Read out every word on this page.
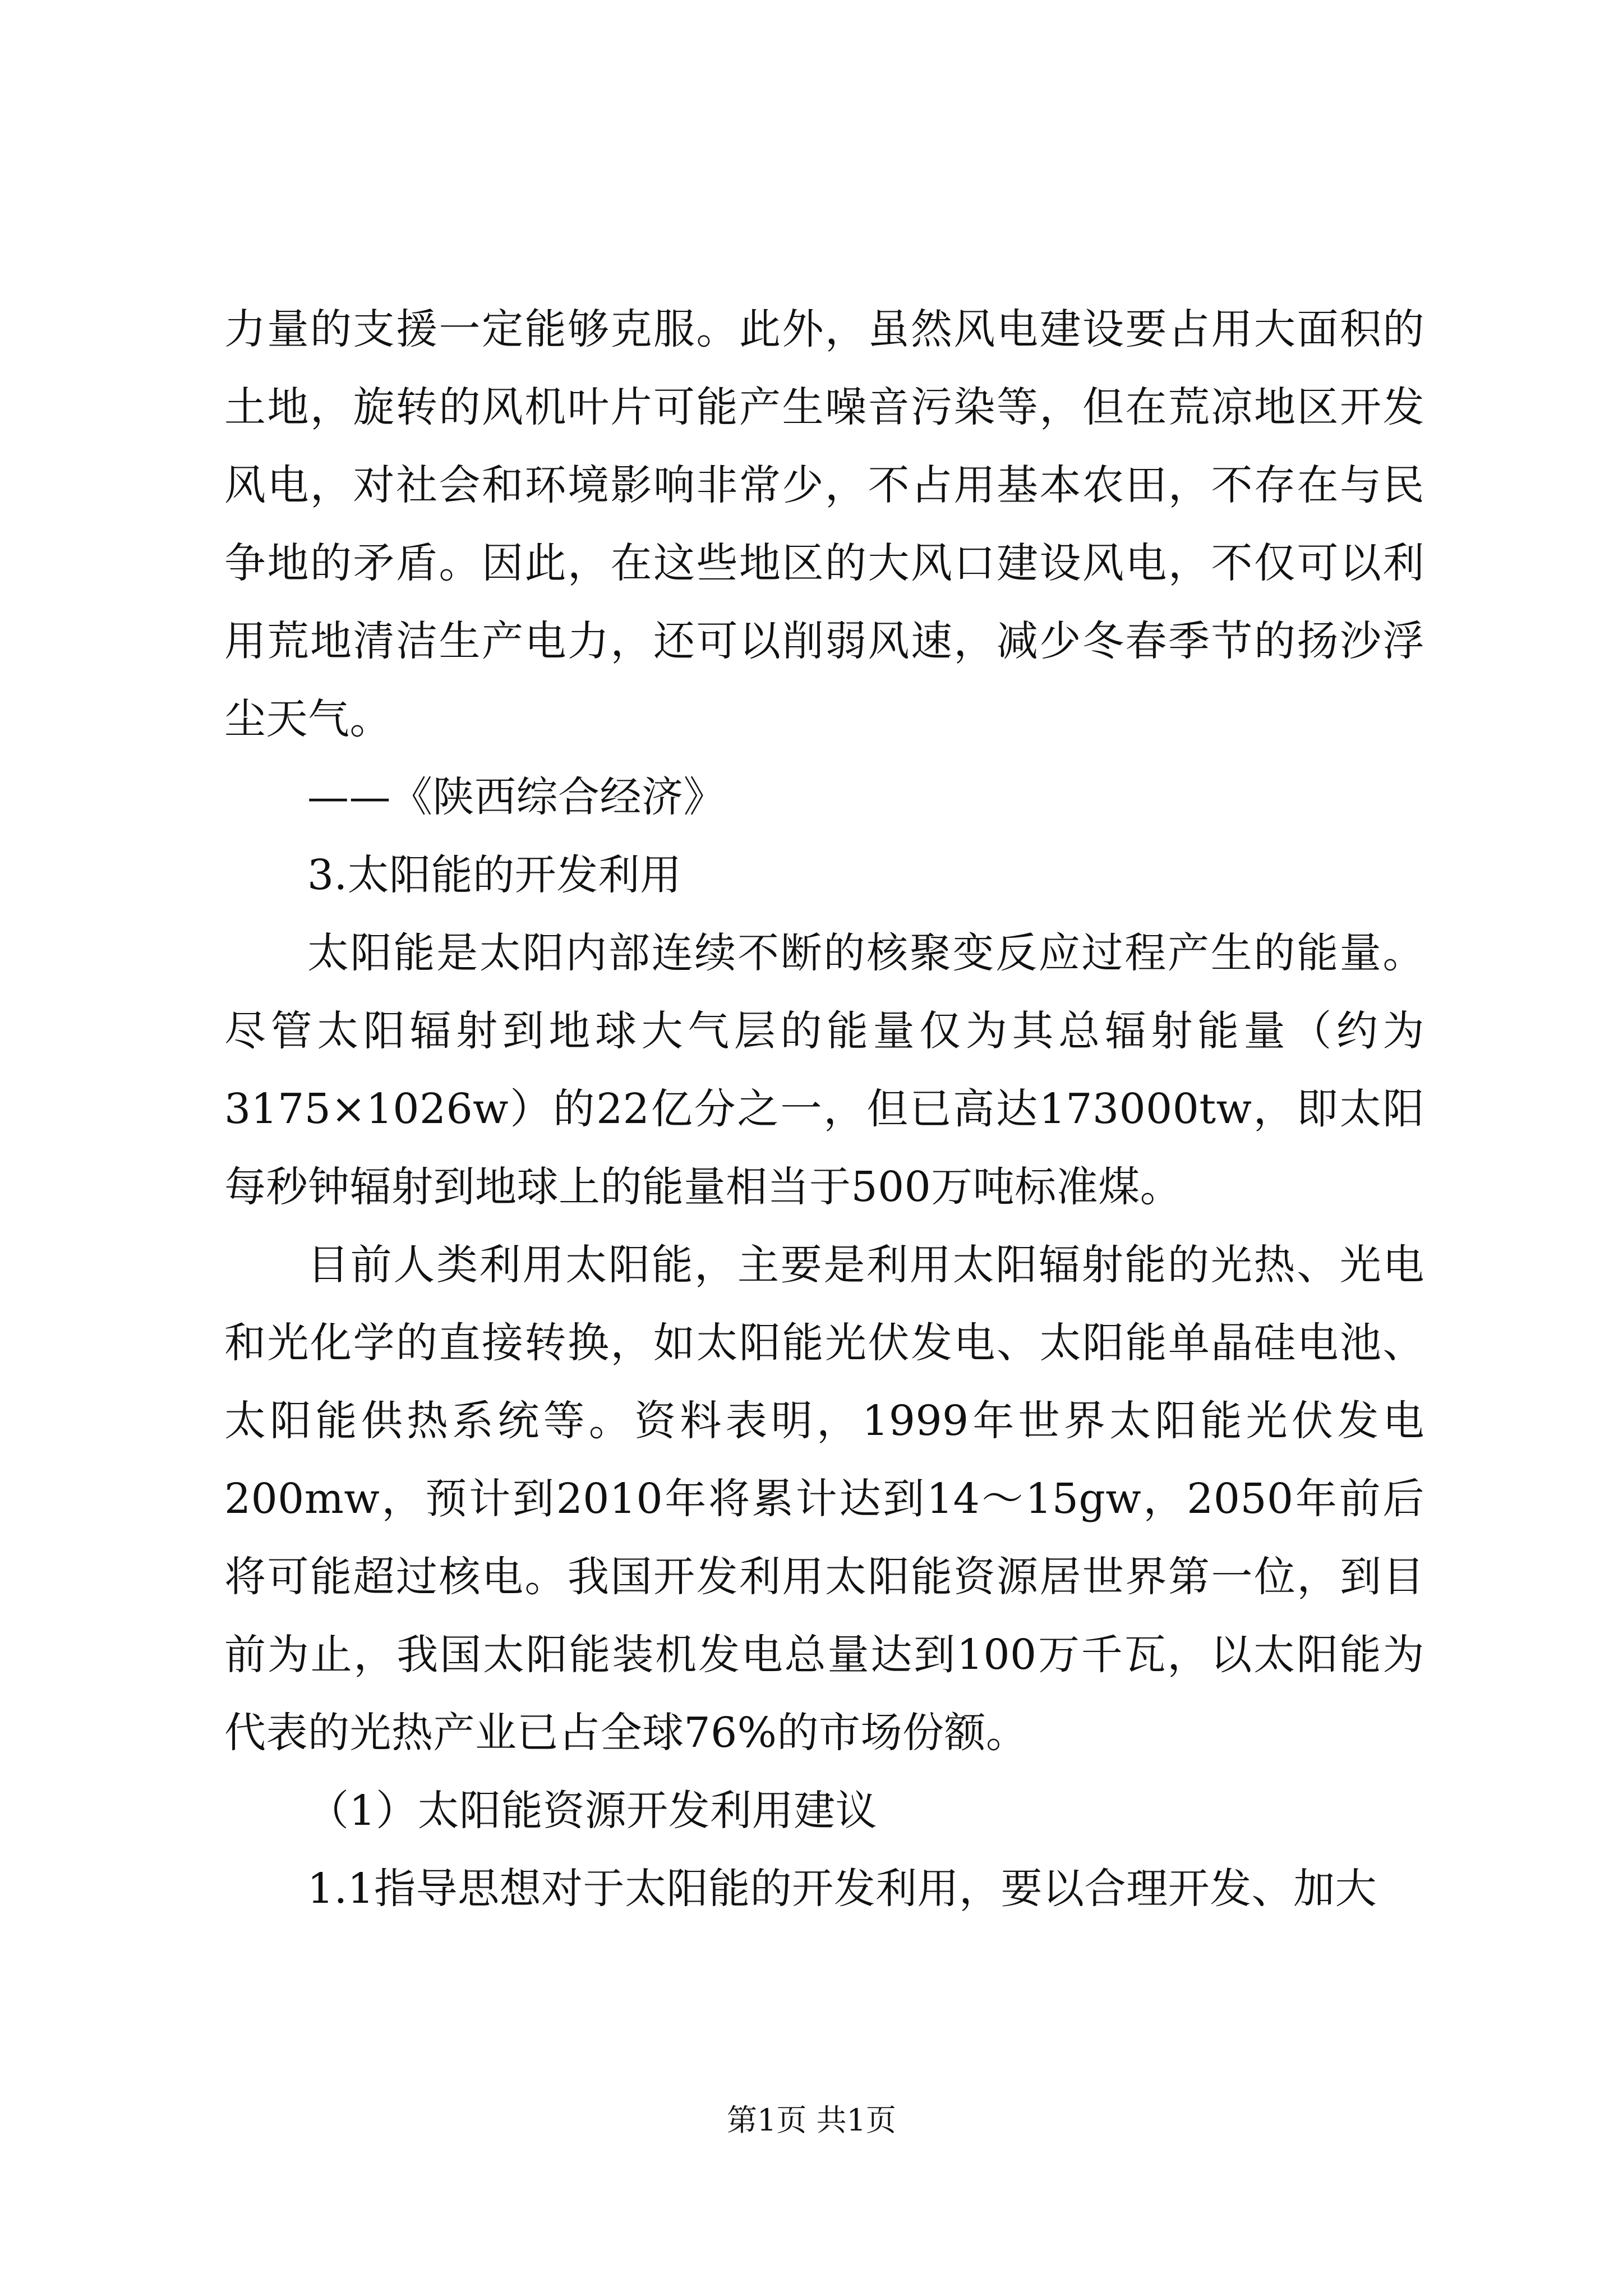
力量的支援一定能够克服。此外，虽然风电建设要占用大面积的土地，旋转的风机叶片可能产生噪音污染等，但在荒凉地区开发风电，对社会和环境影响非常少，不占用基本农田，不存在与民争地的矛盾。因此，在这些地区的大风口建设风电，不仅可以利用荒地清洁生产电力，还可以削弱风速，减少冬春季节的扬沙浮尘天气。

——《陕西综合经济》

3.太阳能的开发利用

太阳能是太阳内部连续不断的核聚变反应过程产生的能量。尽管太阳辐射到地球大气层的能量仅为其总辐射能量（约为3175×1026w）的22亿分之一，但已高达173000tw，即太阳每秒钟辐射到地球上的能量相当于500万吨标准煤。

目前人类利用太阳能，主要是利用太阳辐射能的光热、光电和光化学的直接转换，如太阳能光伏发电、太阳能单晶硅电池、太阳能供热系统等。资料表明，1999年世界太阳能光伏发电200mw，预计到2010年将累计达到14～15gw，2050年前后将可能超过核电。我国开发利用太阳能资源居世界第一位，到目前为止，我国太阳能装机发电总量达到100万千瓦，以太阳能为代表的光热产业已占全球76%的市场份额。

（1）太阳能资源开发利用建议

1.1指导思想对于太阳能的开发利用，要以合理开发、加大

第1页 共1页
